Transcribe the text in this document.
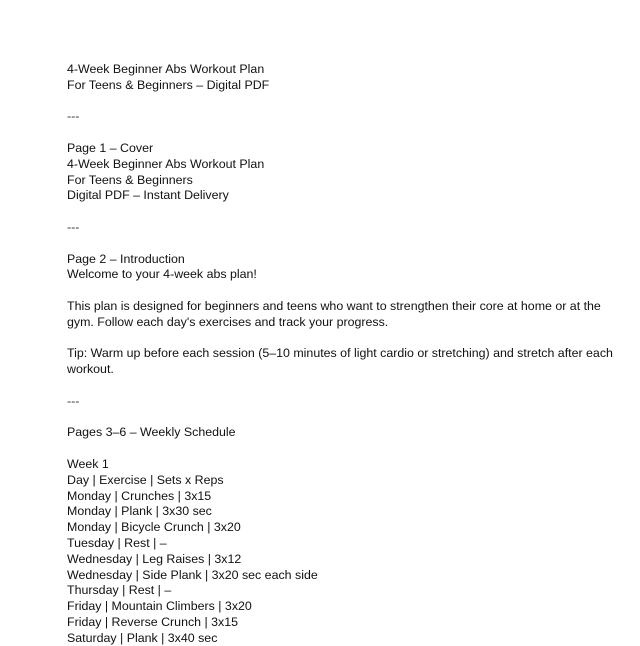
4-Week Beginner Abs Workout Plan

For Teens & Beginners – Digital PDF

---

Page 1 – Cover

4-Week Beginner Abs Workout Plan

For Teens & Beginners

Digital PDF – Instant Delivery

---

Page 2 – Introduction

Welcome to your 4-week abs plan!

This plan is designed for beginners and teens who want to strengthen their core at home or at the gym. Follow each day's exercises and track your progress.

Tip: Warm up before each session (5–10 minutes of light cardio or stretching) and stretch after each workout.

---

Pages 3–6 – Weekly Schedule

Week 1

Day | Exercise | Sets x Reps

Monday | Crunches | 3x15

Monday | Plank | 3x30 sec

Monday | Bicycle Crunch | 3x20

Tuesday | Rest | –

Wednesday | Leg Raises | 3x12

Wednesday | Side Plank | 3x20 sec each side

Thursday | Rest | –

Friday | Mountain Climbers | 3x20

Friday | Reverse Crunch | 3x15

Saturday | Plank | 3x40 sec
